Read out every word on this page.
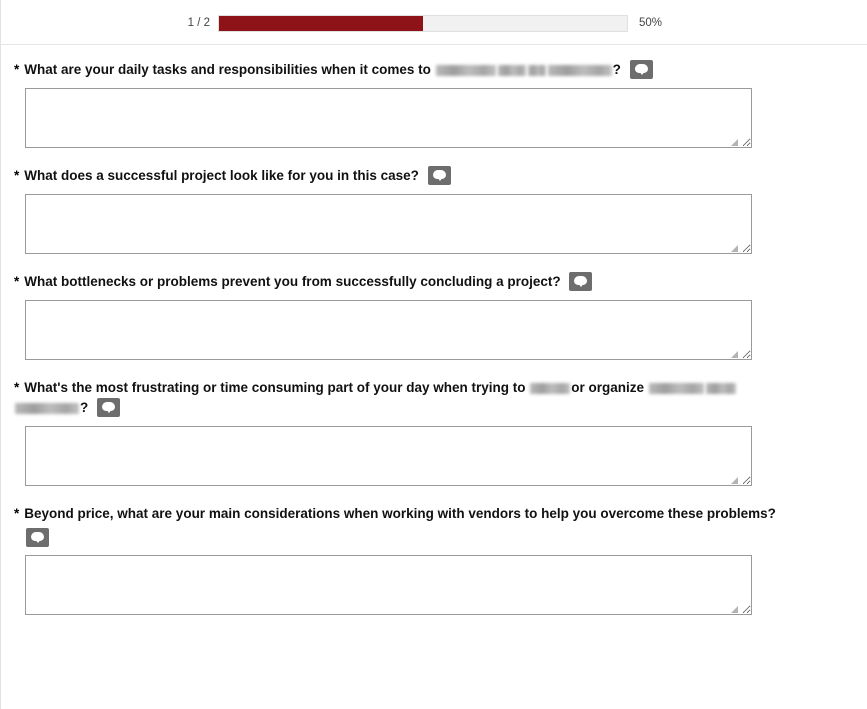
1 / 2	50%
* What are your daily tasks and responsibilities when it comes to	?
* What does a successful project look like for you in this case?
* What bottlenecks or problems prevent you from successfully concluding a project?
* What's the most frustrating or time consuming part of your day when trying to	or organize
?
* Beyond price, what are your main considerations when working with vendors to help you overcome these problems?
